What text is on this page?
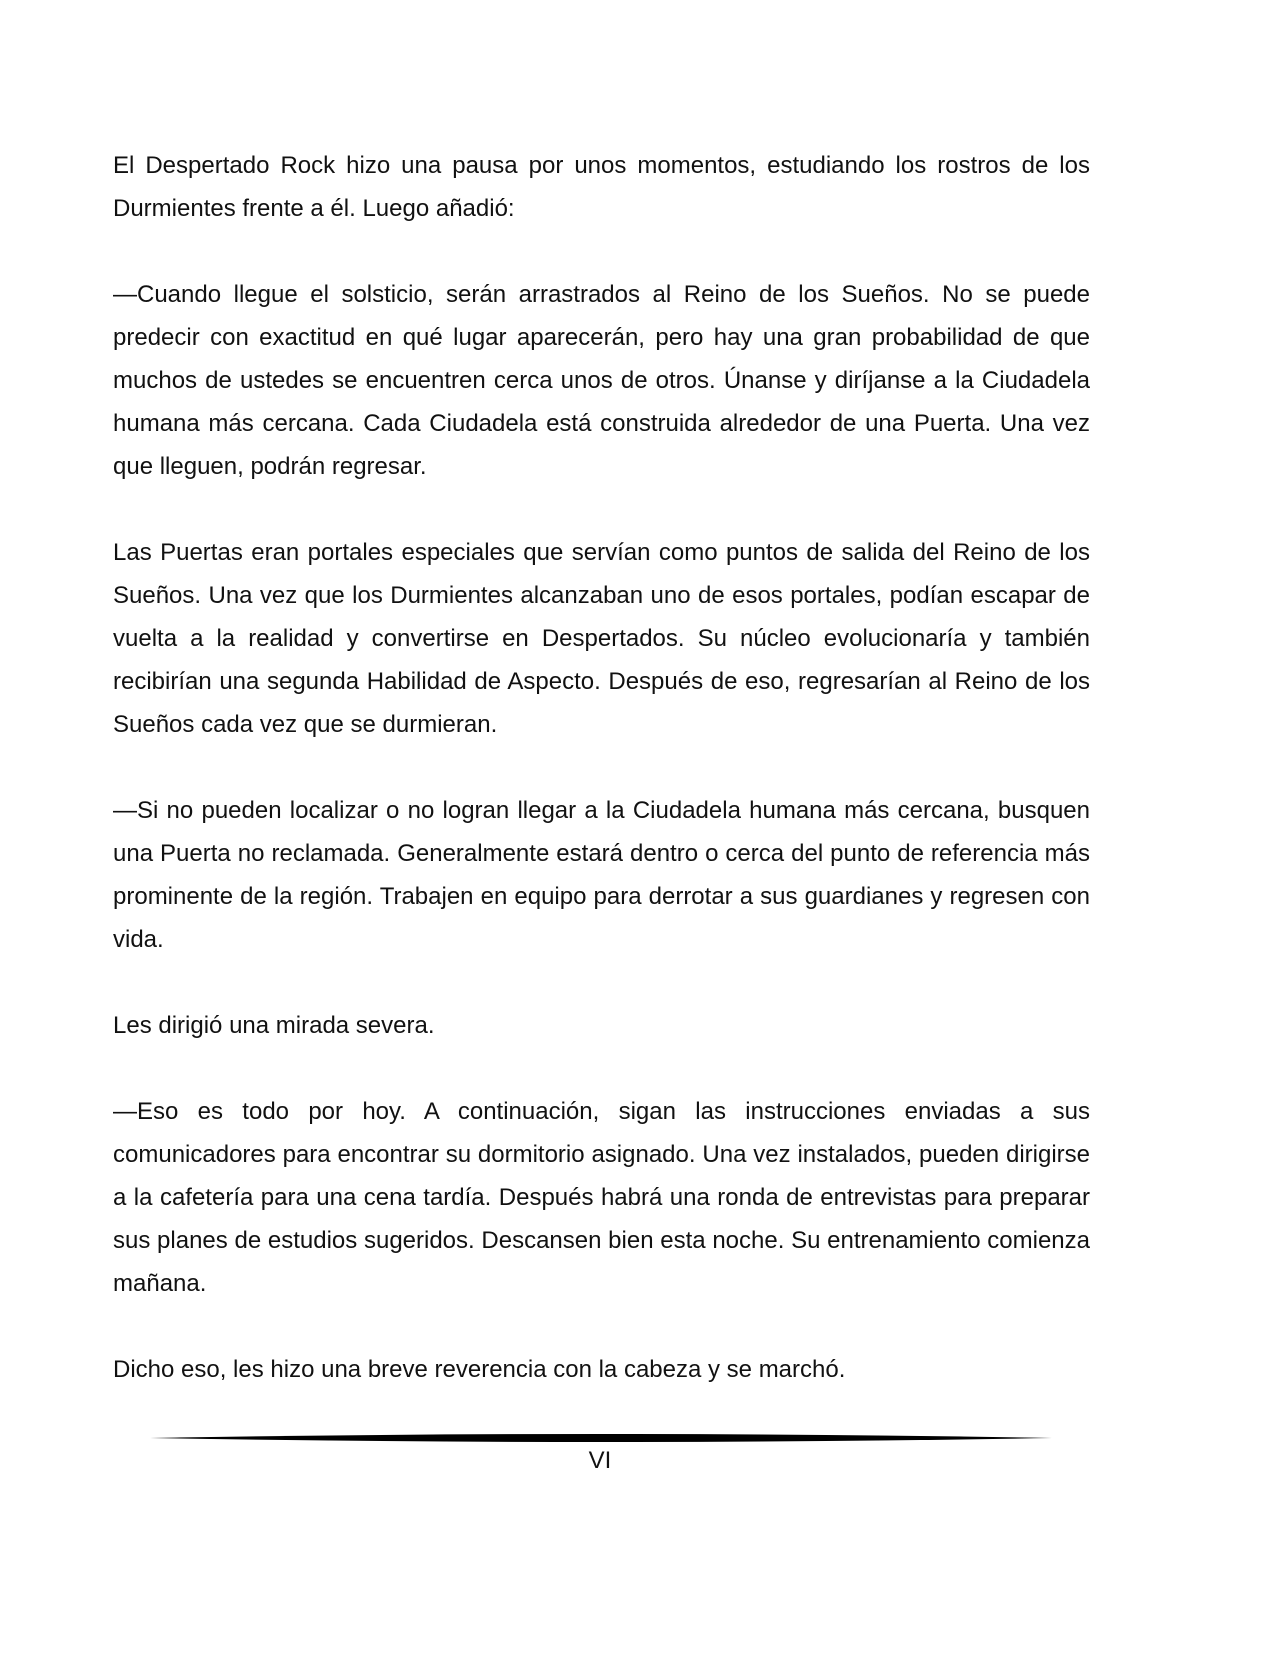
El Despertado Rock hizo una pausa por unos momentos, estudiando los rostros de los Durmientes frente a él. Luego añadió:

—Cuando llegue el solsticio, serán arrastrados al Reino de los Sueños. No se puede predecir con exactitud en qué lugar aparecerán, pero hay una gran probabilidad de que muchos de ustedes se encuentren cerca unos de otros. Únanse y diríjanse a la Ciudadela humana más cercana. Cada Ciudadela está construida alrededor de una Puerta. Una vez que lleguen, podrán regresar.

Las Puertas eran portales especiales que servían como puntos de salida del Reino de los Sueños. Una vez que los Durmientes alcanzaban uno de esos portales, podían escapar de vuelta a la realidad y convertirse en Despertados. Su núcleo evolucionaría y también recibirían una segunda Habilidad de Aspecto. Después de eso, regresarían al Reino de los Sueños cada vez que se durmieran.

—Si no pueden localizar o no logran llegar a la Ciudadela humana más cercana, busquen una Puerta no reclamada. Generalmente estará dentro o cerca del punto de referencia más prominente de la región. Trabajen en equipo para derrotar a sus guardianes y regresen con vida.

Les dirigió una mirada severa.

—Eso es todo por hoy. A continuación, sigan las instrucciones enviadas a sus comunicadores para encontrar su dormitorio asignado. Una vez instalados, pueden dirigirse a la cafetería para una cena tardía. Después habrá una ronda de entrevistas para preparar sus planes de estudios sugeridos. Descansen bien esta noche. Su entrenamiento comienza mañana.

Dicho eso, les hizo una breve reverencia con la cabeza y se marchó.

VI
